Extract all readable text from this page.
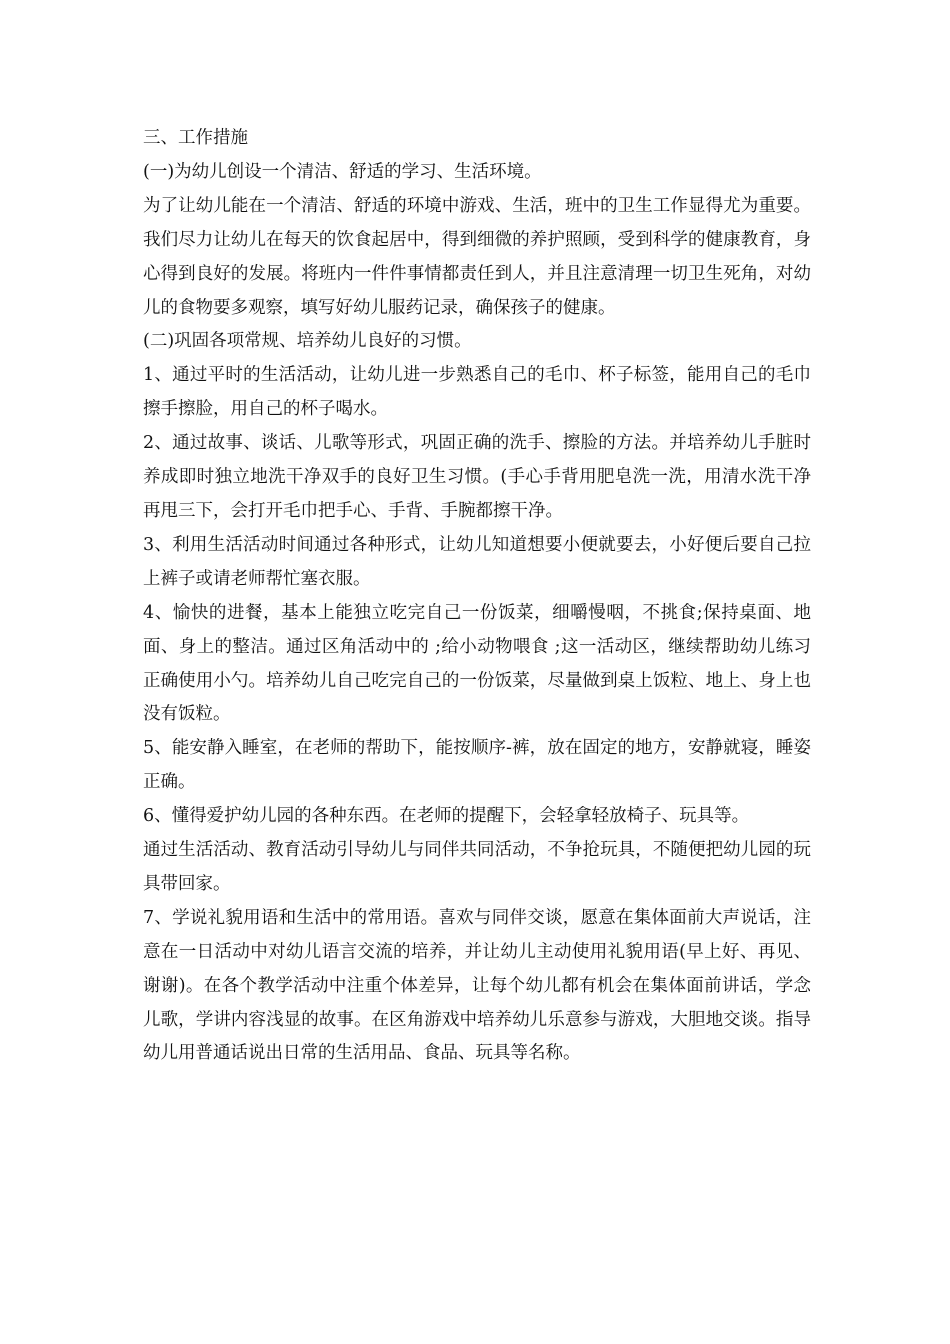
三、工作措施

(一)为幼儿创设一个清洁、舒适的学习、生活环境。

为了让幼儿能在一个清洁、舒适的环境中游戏、生活，班中的卫生工作显得尤为重要。我们尽力让幼儿在每天的饮食起居中，得到细微的养护照顾，受到科学的健康教育，身心得到良好的发展。将班内一件件事情都责任到人，并且注意清理一切卫生死角，对幼儿的食物要多观察，填写好幼儿服药记录，确保孩子的健康。

(二)巩固各项常规、培养幼儿良好的习惯。

1、通过平时的生活活动，让幼儿进一步熟悉自己的毛巾、杯子标签，能用自己的毛巾擦手擦脸，用自己的杯子喝水。

2、通过故事、谈话、儿歌等形式，巩固正确的洗手、擦脸的方法。并培养幼儿手脏时养成即时独立地洗干净双手的良好卫生习惯。(手心手背用肥皂洗一洗，用清水洗干净再甩三下，会打开毛巾把手心、手背、手腕都擦干净。

3、利用生活活动时间通过各种形式，让幼儿知道想要小便就要去，小好便后要自己拉上裤子或请老师帮忙塞衣服。

4、愉快的进餐，基本上能独立吃完自己一份饭菜，细嚼慢咽，不挑食;保持桌面、地面、身上的整洁。通过区角活动中的 ;给小动物喂食 ;这一活动区，继续帮助幼儿练习正确使用小勺。培养幼儿自己吃完自己的一份饭菜，尽量做到桌上饭粒、地上、身上也没有饭粒。

5、能安静入睡室，在老师的帮助下，能按顺序-裤，放在固定的地方，安静就寝，睡姿正确。

6、懂得爱护幼儿园的各种东西。在老师的提醒下，会轻拿轻放椅子、玩具等。

通过生活活动、教育活动引导幼儿与同伴共同活动，不争抢玩具，不随便把幼儿园的玩具带回家。

7、学说礼貌用语和生活中的常用语。喜欢与同伴交谈，愿意在集体面前大声说话，注意在一日活动中对幼儿语言交流的培养，并让幼儿主动使用礼貌用语(早上好、再见、谢谢)。在各个教学活动中注重个体差异，让每个幼儿都有机会在集体面前讲话，学念儿歌，学讲内容浅显的故事。在区角游戏中培养幼儿乐意参与游戏，大胆地交谈。指导幼儿用普通话说出日常的生活用品、食品、玩具等名称。
